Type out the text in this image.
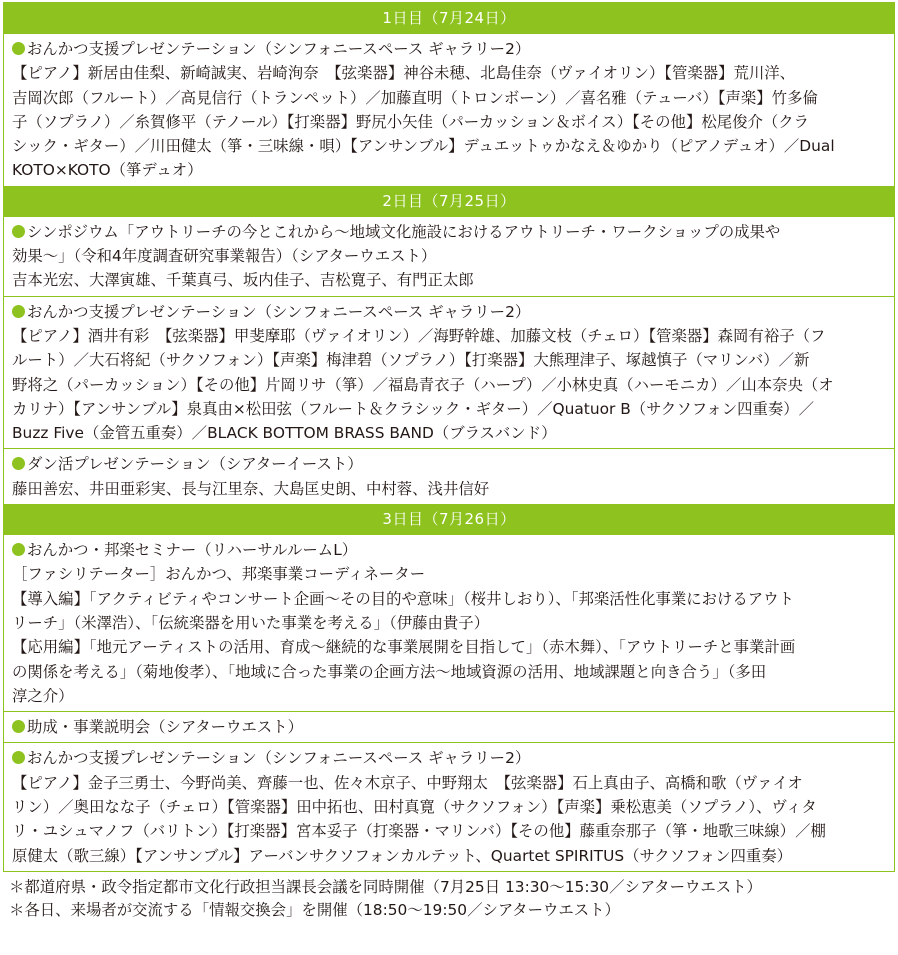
1日目（7月24日）
おんかつ支援プレゼンテーション（シンフォニースペース ギャラリー2）
【ピアノ】新居由佳梨、新崎誠実、岩崎洵奈　【弦楽器】神谷未穂、北島佳奈（ヴァイオリン）【管楽器】荒川洋、
吉岡次郎（フルート）／高見信行（トランペット）／加藤直明（トロンボーン）／喜名雅（テューバ）【声楽】竹多倫
子（ソプラノ）／糸賀修平（テノール）【打楽器】野尻小矢佳（パーカッション＆ボイス）【その他】松尾俊介（クラ
シック・ギター）／川田健太（箏・三味線・唄）【アンサンブル】デュエットゥかなえ＆ゆかり（ピアノデュオ）／Dual
KOTO×KOTO（箏デュオ）
2日目（7月25日）
シンポジウム「アウトリーチの今とこれから～地域文化施設におけるアウトリーチ・ワークショップの成果や
効果～」（令和4年度調査研究事業報告）（シアターウエスト）
吉本光宏、大澤寅雄、千葉真弓、坂内佳子、吉松寛子、有門正太郎
おんかつ支援プレゼンテーション（シンフォニースペース ギャラリー2）
【ピアノ】酒井有彩　【弦楽器】甲斐摩耶（ヴァイオリン）／海野幹雄、加藤文枝（チェロ）【管楽器】森岡有裕子（フ
ルート）／大石将紀（サクソフォン）【声楽】梅津碧（ソプラノ）【打楽器】大熊理津子、塚越慎子（マリンバ）／新
野将之（パーカッション）【その他】片岡リサ（箏）／福島青衣子（ハープ）／小林史真（ハーモニカ）／山本奈央（オ
カリナ）【アンサンブル】泉真由×松田弦（フルート＆クラシック・ギター）／Quatuor B（サクソフォン四重奏）／
Buzz Five（金管五重奏）／BLACK BOTTOM BRASS BAND（ブラスバンド）
ダン活プレゼンテーション（シアターイースト）
藤田善宏、井田亜彩実、長与江里奈、大島匡史朗、中村蓉、浅井信好
3日目（7月26日）
おんかつ・邦楽セミナー（リハーサルルームL）
［ファシリテーター］おんかつ、邦楽事業コーディネーター
【導入編】「アクティビティやコンサート企画～その目的や意味」（桜井しおり）、「邦楽活性化事業におけるアウト
リーチ」（米澤浩）、「伝統楽器を用いた事業を考える」（伊藤由貴子）
【応用編】「地元アーティストの活用、育成～継続的な事業展開を目指して」（赤木舞）、「アウトリーチと事業計画
の関係を考える」（菊地俊孝）、「地域に合った事業の企画方法～地域資源の活用、地域課題と向き合う」（多田
淳之介）
助成・事業説明会（シアターウエスト）
おんかつ支援プレゼンテーション（シンフォニースペース ギャラリー2）
【ピアノ】金子三勇士、今野尚美、齊藤一也、佐々木京子、中野翔太　【弦楽器】石上真由子、高橋和歌（ヴァイオ
リン）／奥田なな子（チェロ）【管楽器】田中拓也、田村真寛（サクソフォン）【声楽】乗松恵美（ソプラノ）、ヴィタ
リ・ユシュマノフ（バリトン）【打楽器】宮本妥子（打楽器・マリンバ）【その他】藤重奈那子（箏・地歌三味線）／棚
原健太（歌三線）【アンサンブル】アーバンサクソフォンカルテット、Quartet SPIRITUS（サクソフォン四重奏）
＊都道府県・政令指定都市文化行政担当課長会議を同時開催（7月25日 13:30～15:30／シアターウエスト）
＊各日、来場者が交流する「情報交換会」を開催（18:50～19:50／シアターウエスト）
